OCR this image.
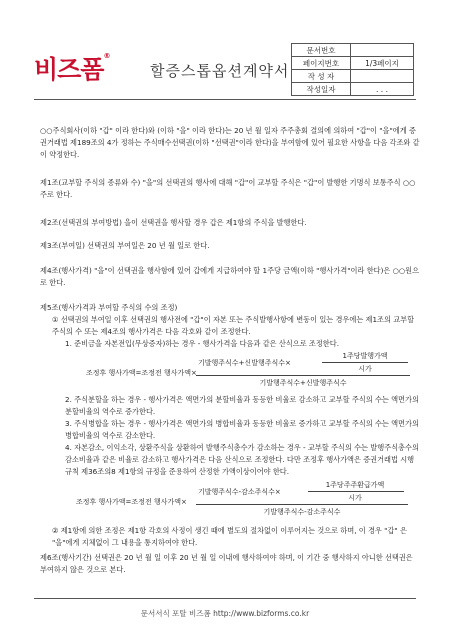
비즈폼®
할증스톱옵션계약서
문서번호	
페이지번호	1/3페이지
작 성 자	
작성일자	. . .
○○주식회사(이하 "갑" 이라 한다)와 (이하 "을" 이라 한다)는 20 년 월 일자 주주총회 결의에 의하여 "갑"이 "을"에게 증권거래법 제189조의 4가 정하는 주식매수선택권(이하 "선택권"이라 한다)을 부여함에 있어 필요한 사항을 다음 각조와 같이 약정한다.
제1조(교부할 주식의 종류와 수) "을"의 선택권의 행사에 대해 "갑"이 교부할 주식은 "갑"이 발행한 기명식 보통주식 ○○주로 한다.
제2조(선택권의 부여방법) 을이 선택권을 행사할 경우 갑은 제1항의 주식을 발행한다.
제3조(부여일) 선택권의 부여일은 20 년 월 일로 한다.
제4조(행사가격) "을"이 선택권을 행사함에 있어 갑에게 지급하여야 할 1주당 금액(이하 "행사가격"이라 한다)은 ○○원으로 한다.
제5조(행사가격과 부여할 주식의 수의 조정)
① 선택권의 부여일 이후 선택권의 행사전에 "갑"이 자본 또는 주식발행사항에 변동이 있는 경우에는 제1조의 교부할 주식의 수 또는 제4조의 행사가격은 다음 각호와 같이 조정한다.
1. 준비금을 자본전입(무상증자)하는 경우 - 행사가격을 다음과 같은 산식으로 조정한다.
조정후 행사가액=조정전 행사가액×
기발행주식수+신발행주식수×
1주당발행가액
시가
기발행주식수+신발행주식수
2. 주식분할을 하는 경우 - 행사가격은 액면가의 분할비율과 동등한 비율로 감소하고 교부할 주식의 수는 액면가의 분할비율의 역수로 증가한다.
3. 주식병합을 하는 경우 - 행사가격은 액면가의 병합비율과 동등한 비율로 증가하고 교부할 주식의 수는 액면가의 병합비율의 역수로 감소한다.
4. 자본감소, 이익소각, 상환주식을 상환하여 발행주식총수가 감소하는 경우 - 교부할 주식의 수는 발행주식총수의 감소비율과 같은 비율로 감소하고 행사가격은 다음 산식으로 조정한다. 다만 조정후 행사가액은 증권거래법 시행규칙 제36조의8 제1항의 규정을 준용하여 산정한 가액이상이어야 한다.
조정후 행사가액=조정전 행사가액×
기발행주식수-감소주식수×
1주당주주환급가액
시가
기발행주식수-감소주식수
② 제1항에 의한 조정은 제1항 각호의 사정이 생긴 때에 별도의 절차없이 이루어지는 것으로 하며, 이 경우 "갑" 은 "을"에게 지체없이 그 내용을 통지하여야 한다.
제6조(행사기간) 선택권은 20 년 월 일 이후 20 년 월 일 이내에 행사하여야 하며, 이 기간 중 행사하지 아니한 선택권은 부여하지 않은 것으로 본다.
문서서식 포탈 비즈폼 http://www.bizforms.co.kr
